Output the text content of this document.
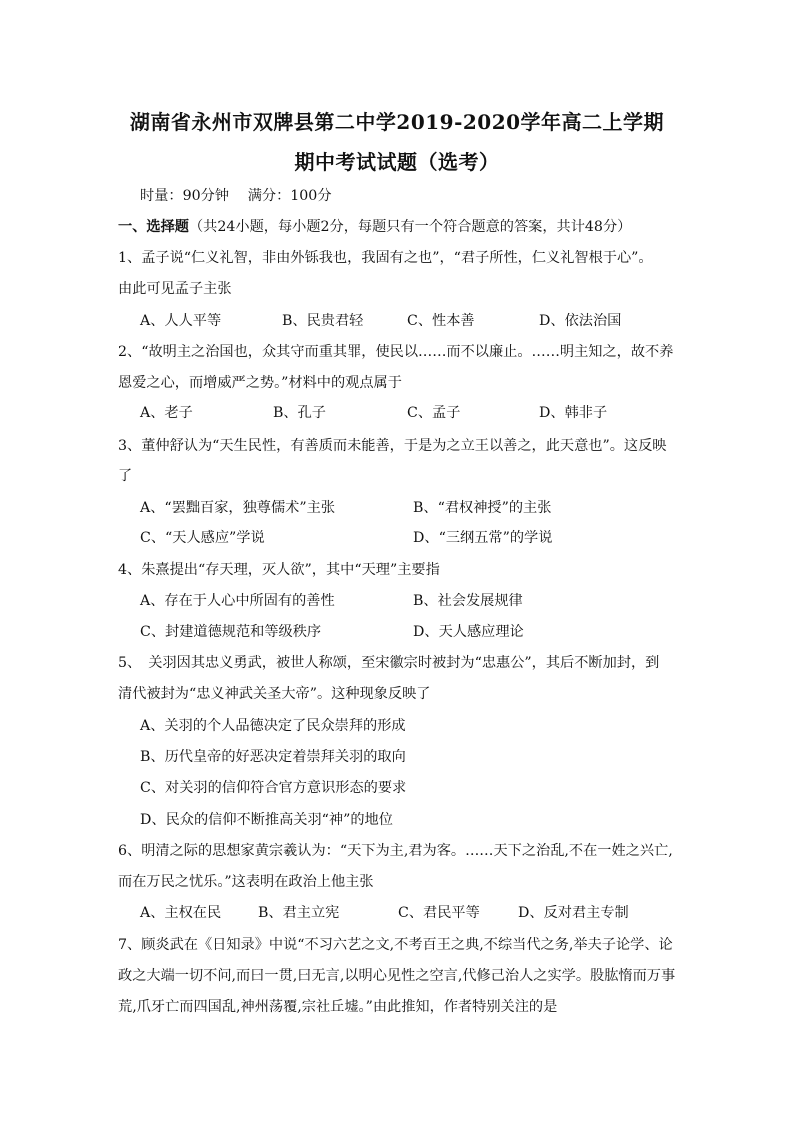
湖南省永州市双牌县第二中学2019-2020学年高二上学期
期中考试试题（选考）
时量：90分钟　 满分：100分
一、选择题（共24小题，每小题2分，每题只有一个符合题意的答案，共计48分）
1、孟子说“仁义礼智，非由外铄我也，我固有之也”，“君子所性，仁义礼智根于心”。
由此可见孟子主张
A、人人平等	B、民贵君轻	C、性本善	D、依法治国
2、“故明主之治国也，众其守而重其罪，使民以……而不以廉止。……明主知之，故不养
恩爱之心，而增威严之势。”材料中的观点属于
A、老子	B、孔子	C、孟子	D、韩非子
3、董仲舒认为“天生民性，有善质而未能善，于是为之立王以善之，此天意也”。这反映
了
A、“罢黜百家，独尊儒术”主张	B、“君权神授”的主张
C、“天人感应”学说	D、“三纲五常”的学说
4、朱熹提出“存天理，灭人欲”，其中“天理”主要指
A、存在于人心中所固有的善性	B、社会发展规律
C、封建道德规范和等级秩序	D、天人感应理论
5、　关羽因其忠义勇武，被世人称颂，至宋徽宗时被封为“忠惠公”，其后不断加封，到
清代被封为“忠义神武关圣大帝”。这种现象反映了
A、关羽的个人品德决定了民众崇拜的形成
B、历代皇帝的好恶决定着崇拜关羽的取向
C、对关羽的信仰符合官方意识形态的要求
D、民众的信仰不断推高关羽“神”的地位
6、明清之际的思想家黄宗羲认为：“天下为主,君为客。……天下之治乱,不在一姓之兴亡,
而在万民之忧乐。”这表明在政治上他主张
A、主权在民	B、君主立宪	C、君民平等	D、反对君主专制
7、顾炎武在《日知录》中说“不习六艺之文,不考百王之典,不综当代之务,举夫子论学、论
政之大端一切不问,而曰一贯,曰无言,以明心见性之空言,代修己治人之实学。股肱惰而万事
荒,爪牙亡而四国乱,神州荡覆,宗社丘墟。”由此推知，作者特别关注的是
